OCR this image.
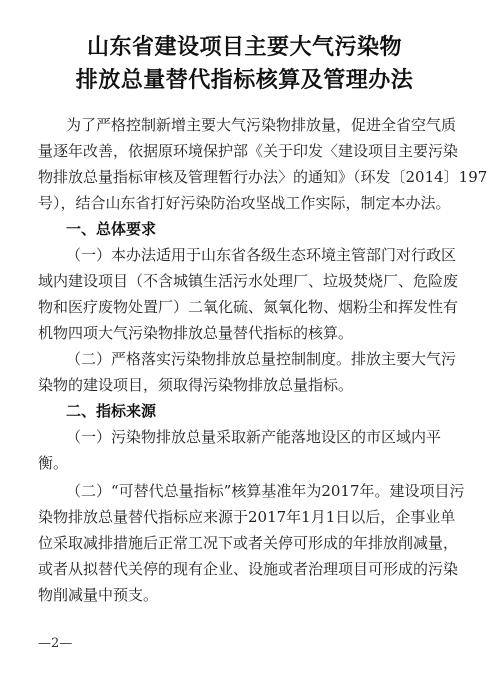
山东省建设项目主要大气污染物
排放总量替代指标核算及管理办法
为了严格控制新增主要大气污染物排放量，促进全省空气质
量逐年改善，依据原环境保护部《关于印发〈建设项目主要污染
物排放总量指标审核及管理暂行办法〉的通知》（环发〔2014〕197
号），结合山东省打好污染防治攻坚战工作实际，制定本办法。
一、总体要求
（一）本办法适用于山东省各级生态环境主管部门对行政区
域内建设项目（不含城镇生活污水处理厂、垃圾焚烧厂、危险废
物和医疗废物处置厂）二氧化硫、氮氧化物、烟粉尘和挥发性有
机物四项大气污染物排放总量替代指标的核算。
（二）严格落实污染物排放总量控制制度。排放主要大气污
染物的建设项目，须取得污染物排放总量指标。
二、指标来源
（一）污染物排放总量采取新产能落地设区的市区域内平
衡。
（二）“可替代总量指标”核算基准年为2017年。建设项目污
染物排放总量替代指标应来源于2017年1月1日以后，企事业单
位采取减排措施后正常工况下或者关停可形成的年排放削减量，
或者从拟替代关停的现有企业、设施或者治理项目可形成的污染
物削减量中预支。
—2—
